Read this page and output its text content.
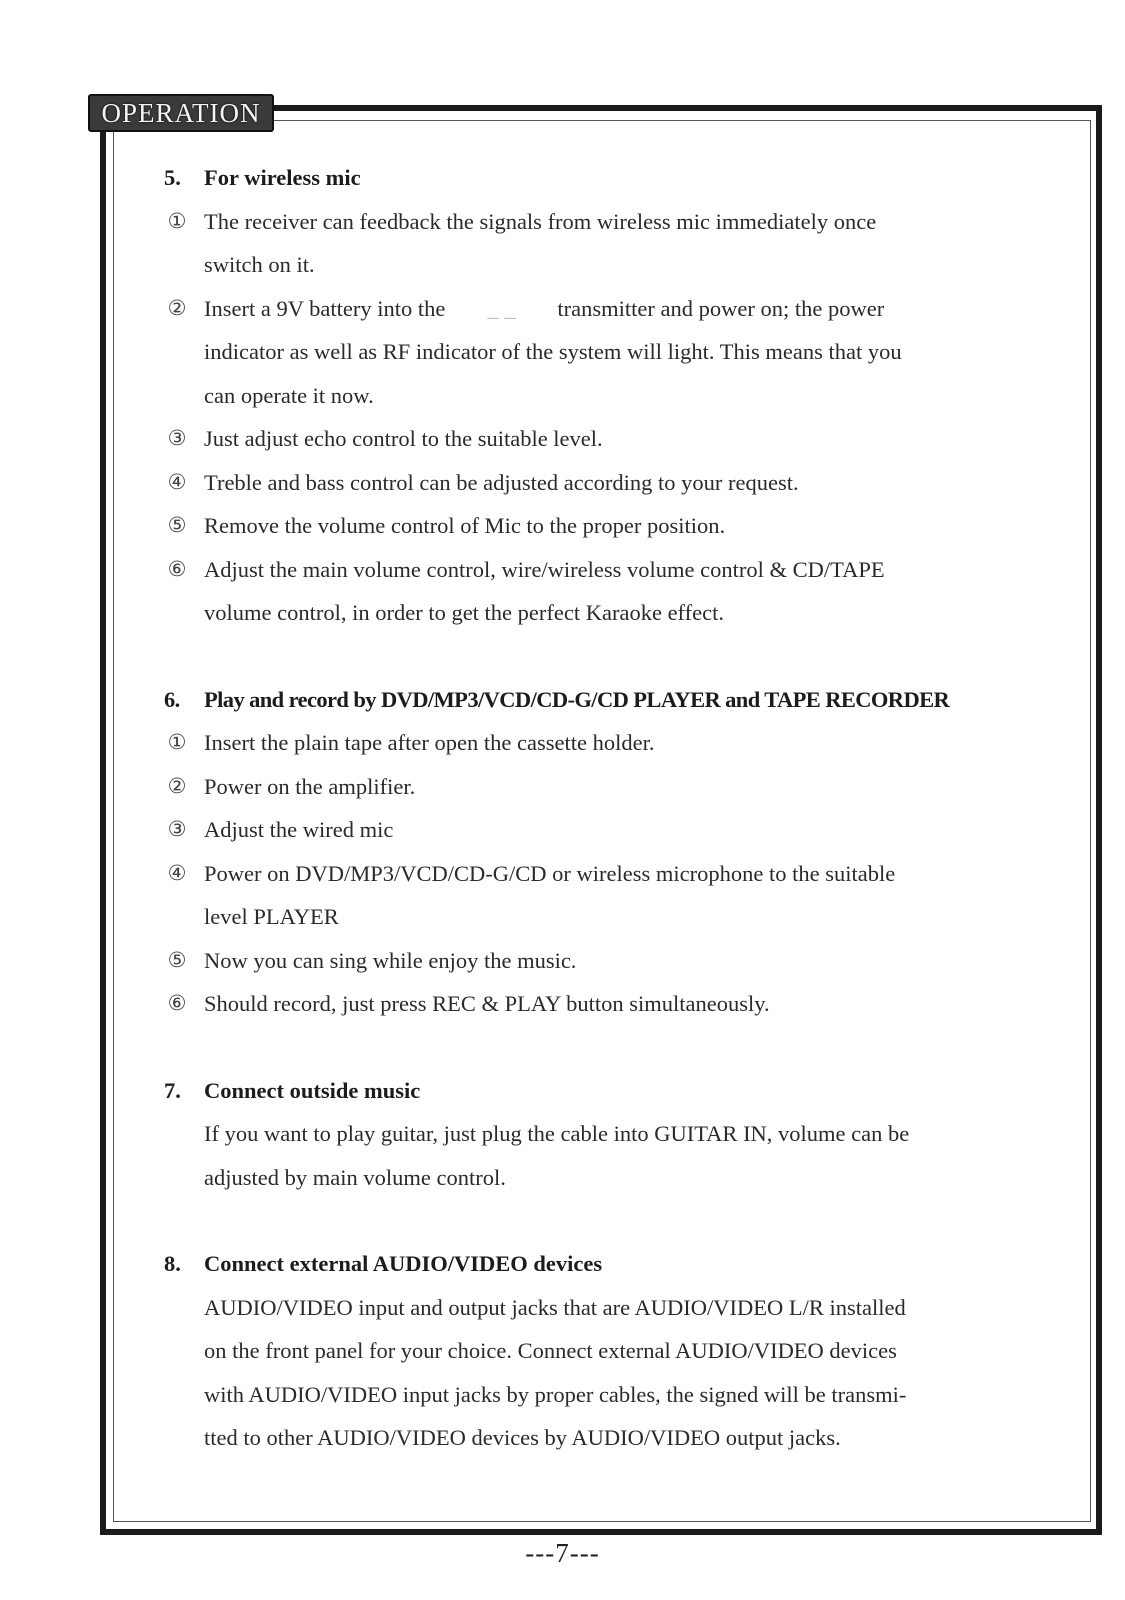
OPERATION
5. For wireless mic
① The receiver can feedback the signals from wireless mic immediately once
switch on it.
② Insert a 9V battery into the _ _ transmitter and power on; the power
indicator as well as RF indicator of the system will light. This means that you
can operate it now.
③ Just adjust echo control to the suitable level.
④ Treble and bass control can be adjusted according to your request.
⑤ Remove the volume control of Mic to the proper position.
⑥ Adjust the main volume control, wire/wireless volume control & CD/TAPE
volume control, in order to get the perfect Karaoke effect.
6. Play and record by DVD/MP3/VCD/CD-G/CD PLAYER and TAPE RECORDER
① Insert the plain tape after open the cassette holder.
② Power on the amplifier.
③ Adjust the wired mic
④ Power on DVD/MP3/VCD/CD-G/CD or wireless microphone to the suitable
level PLAYER
⑤ Now you can sing while enjoy the music.
⑥ Should record, just press REC & PLAY button simultaneously.
7. Connect outside music
If you want to play guitar, just plug the cable into GUITAR IN, volume can be
adjusted by main volume control.
8. Connect external AUDIO/VIDEO devices
AUDIO/VIDEO input and output jacks that are AUDIO/VIDEO L/R installed
on the front panel for your choice. Connect external AUDIO/VIDEO devices
with AUDIO/VIDEO input jacks by proper cables, the signed will be transmi-
tted to other AUDIO/VIDEO devices by AUDIO/VIDEO output jacks.
---7---
